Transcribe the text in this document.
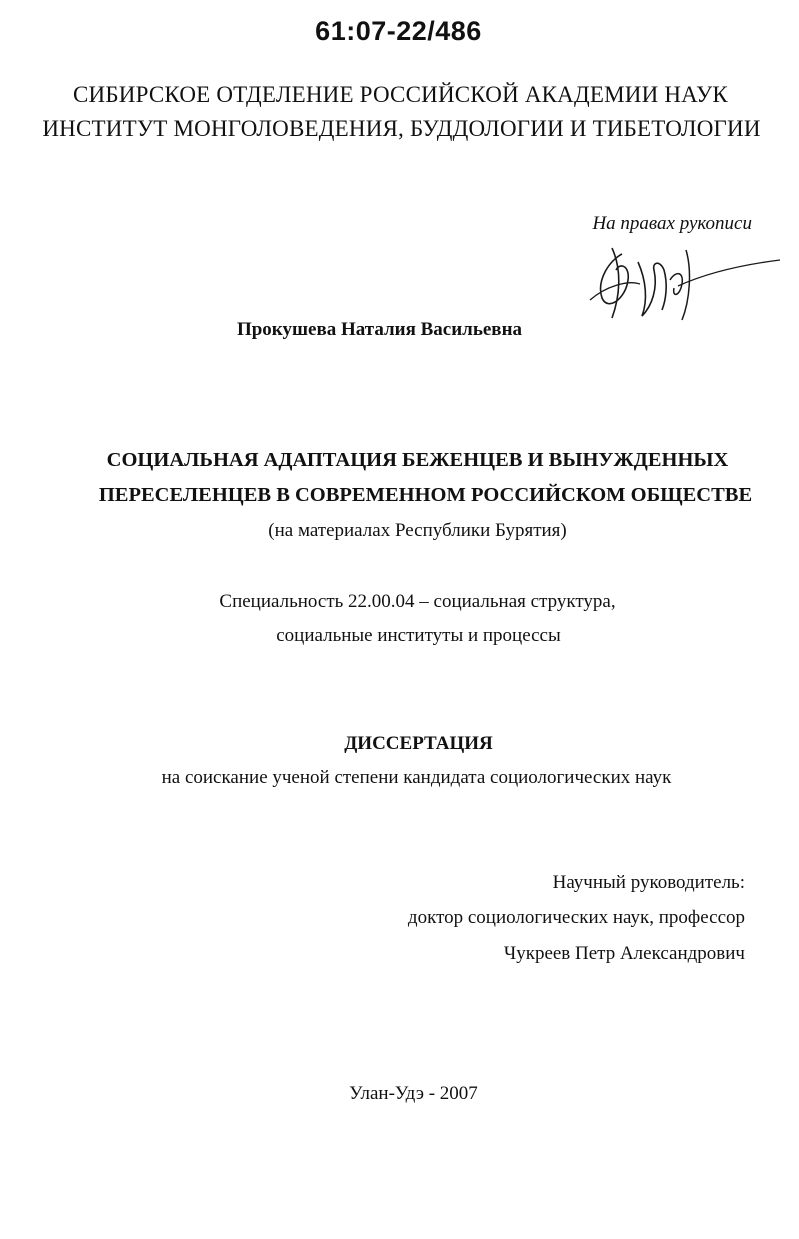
61:07-22/486
СИБИРСКОЕ ОТДЕЛЕНИЕ РОССИЙСКОЙ АКАДЕМИИ НАУК
ИНСТИТУТ МОНГОЛОВЕДЕНИЯ, БУДДОЛОГИИ И ТИБЕТОЛОГИИ
На правах рукописи
Прокушева Наталия Васильевна
СОЦИАЛЬНАЯ АДАПТАЦИЯ БЕЖЕНЦЕВ И ВЫНУЖДЕННЫХ
ПЕРЕСЕЛЕНЦЕВ В СОВРЕМЕННОМ РОССИЙСКОМ ОБЩЕСТВЕ
(на материалах Республики Бурятия)
Специальность 22.00.04 – социальная структура,
социальные институты и процессы
ДИССЕРТАЦИЯ
на соискание ученой степени кандидата социологических наук
Научный руководитель:
доктор социологических наук, профессор
Чукреев Петр Александрович
Улан-Удэ - 2007
